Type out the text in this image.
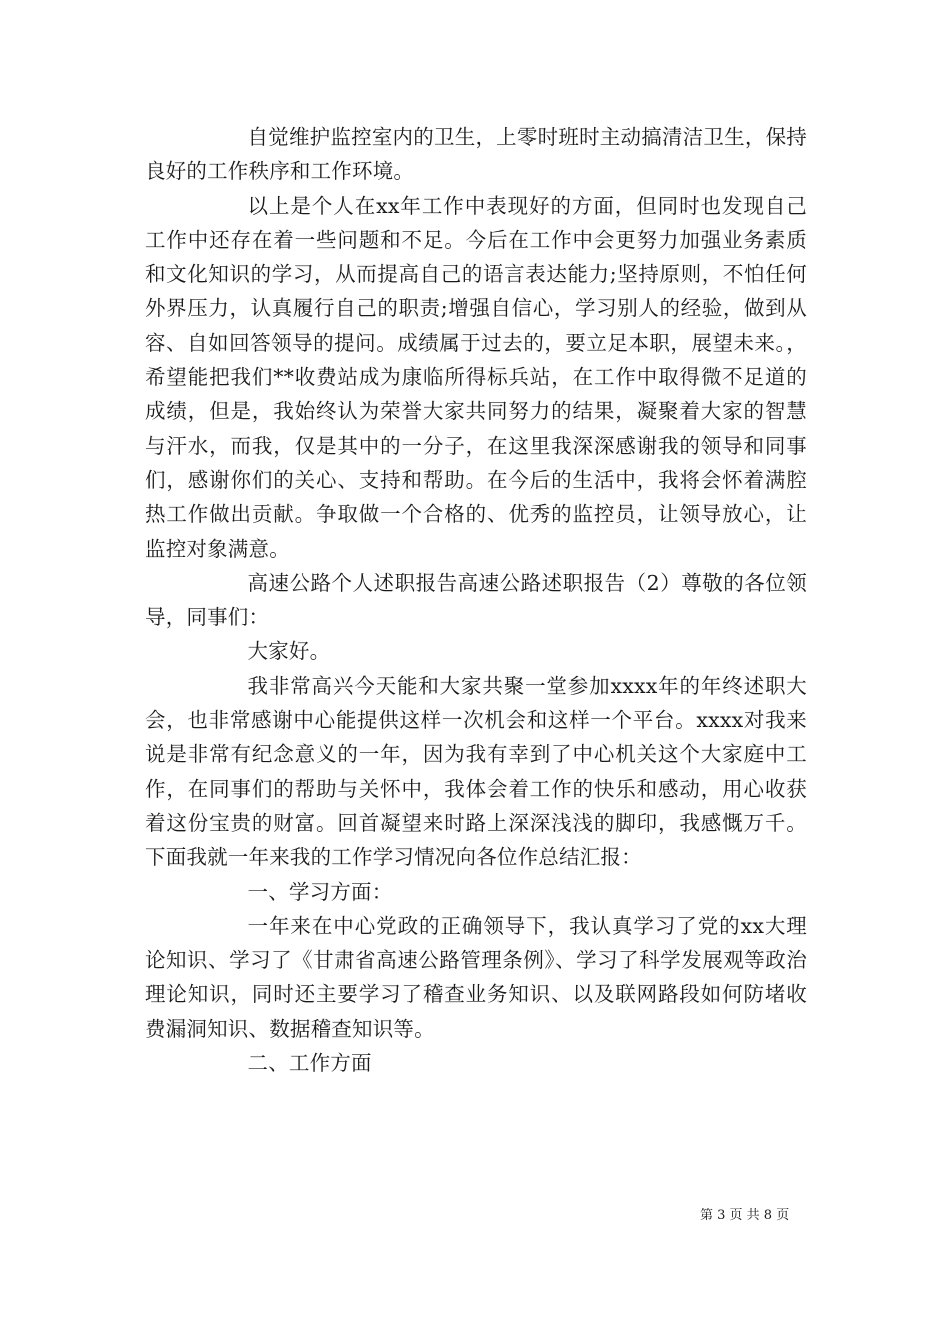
自觉维护监控室内的卫生，上零时班时主动搞清洁卫生，保持良好的工作秩序和工作环境。

以上是个人在xx年工作中表现好的方面，但同时也发现自己工作中还存在着一些问题和不足。今后在工作中会更努力加强业务素质和文化知识的学习，从而提高自己的语言表达能力;坚持原则，不怕任何外界压力，认真履行自己的职责;增强自信心，学习别人的经验，做到从容、自如回答领导的提问。成绩属于过去的，要立足本职，展望未来。，希望能把我们**收费站成为康临所得标兵站，在工作中取得微不足道的成绩，但是，我始终认为荣誉大家共同努力的结果，凝聚着大家的智慧与汗水，而我，仅是其中的一分子，在这里我深深感谢我的领导和同事们，感谢你们的关心、支持和帮助。在今后的生活中，我将会怀着满腔热工作做出贡献。争取做一个合格的、优秀的监控员，让领导放心，让监控对象满意。

高速公路个人述职报告高速公路述职报告（2）尊敬的各位领导，同事们：

大家好。

我非常高兴今天能和大家共聚一堂参加xxxx年的年终述职大会，也非常感谢中心能提供这样一次机会和这样一个平台。xxxx对我来说是非常有纪念意义的一年，因为我有幸到了中心机关这个大家庭中工作，在同事们的帮助与关怀中，我体会着工作的快乐和感动，用心收获着这份宝贵的财富。回首凝望来时路上深深浅浅的脚印，我感慨万千。下面我就一年来我的工作学习情况向各位作总结汇报：

一、学习方面：

一年来在中心党政的正确领导下，我认真学习了党的xx大理论知识、学习了《甘肃省高速公路管理条例》、学习了科学发展观等政治理论知识，同时还主要学习了稽查业务知识、以及联网路段如何防堵收费漏洞知识、数据稽查知识等。

二、工作方面

第 3 页 共 8 页
